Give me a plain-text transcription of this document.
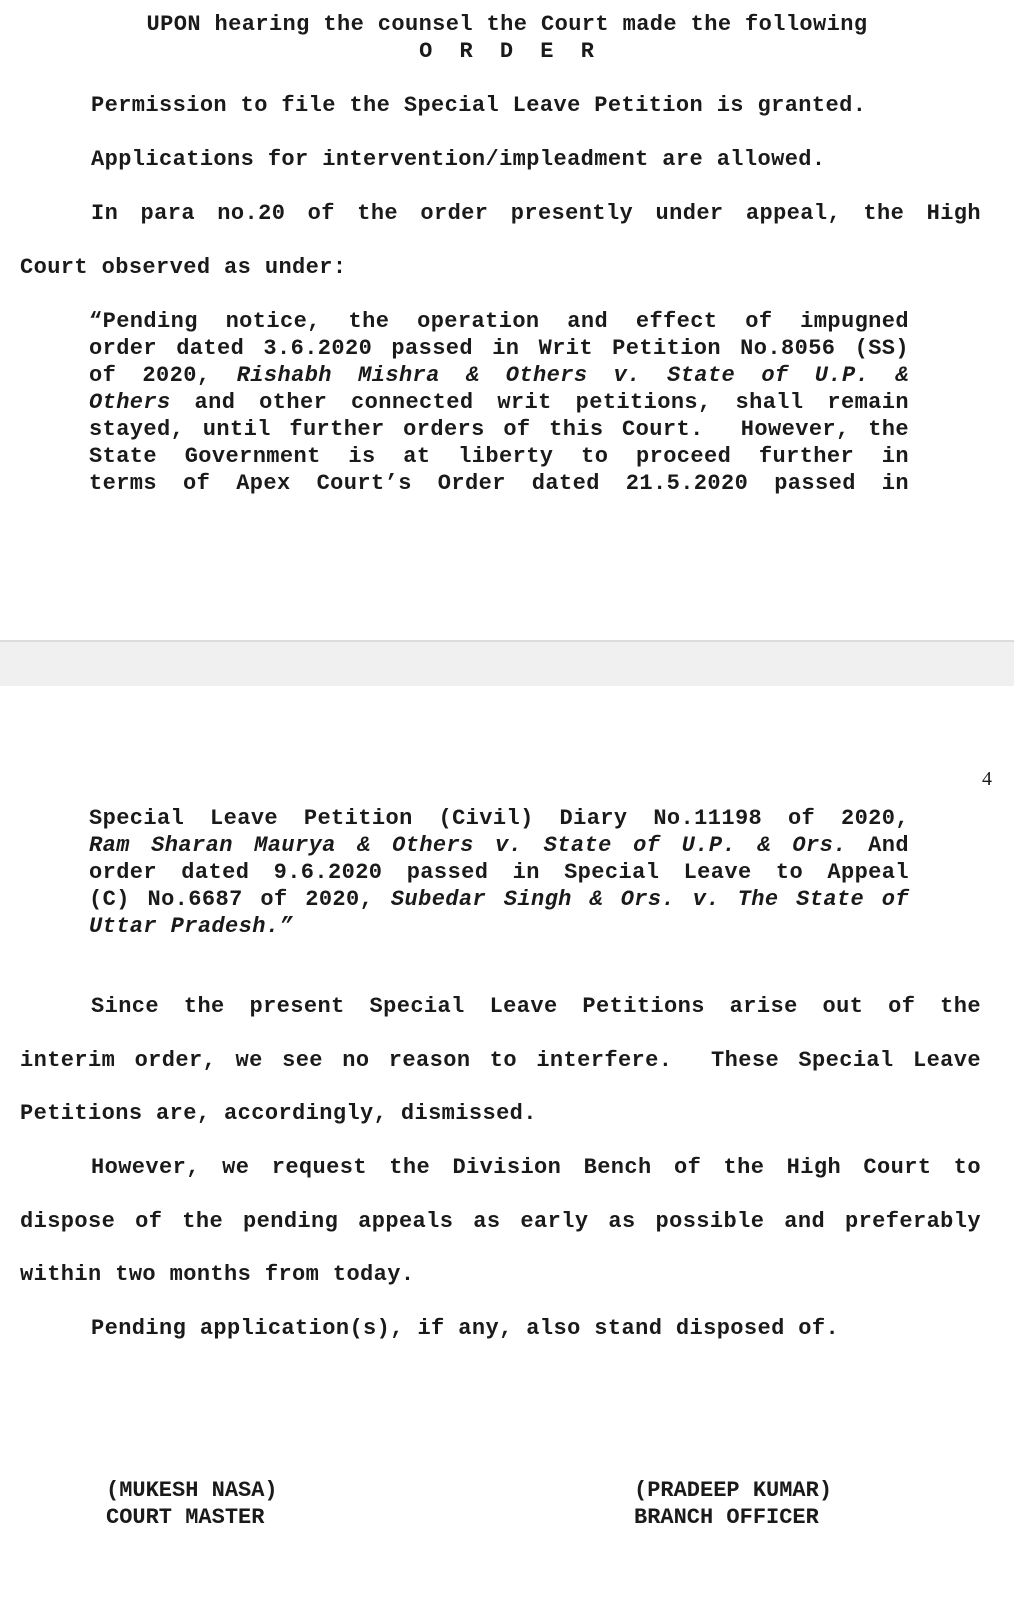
UPON hearing the counsel the Court made the following

O R D E R

Permission to file the Special Leave Petition is granted.

Applications for intervention/impleadment are allowed.

In para no.20 of the order presently under appeal, the High

Court observed as under:

“Pending notice, the operation and effect of impugned

order dated 3.6.2020 passed in Writ Petition No.8056 (SS)

of 2020, Rishabh Mishra & Others v. State of U.P. &

Others and other connected writ petitions, shall remain

stayed, until further orders of this Court.  However, the

State Government is at liberty to proceed further in

terms of Apex Court’s Order dated 21.5.2020 passed in

4

Special Leave Petition (Civil) Diary No.11198 of 2020,

Ram Sharan Maurya & Others v. State of U.P. & Ors. And

order dated 9.6.2020 passed in Special Leave to Appeal

(C) No.6687 of 2020, Subedar Singh & Ors. v. The State of

Uttar Pradesh.”

Since the present Special Leave Petitions arise out of the

interim order, we see no reason to interfere.  These Special Leave

Petitions are, accordingly, dismissed.

However, we request the Division Bench of the High Court to

dispose of the pending appeals as early as possible and preferably

within two months from today.

Pending application(s), if any, also stand disposed of.

(MUKESH NASA)

COURT MASTER

(PRADEEP KUMAR)

BRANCH OFFICER
